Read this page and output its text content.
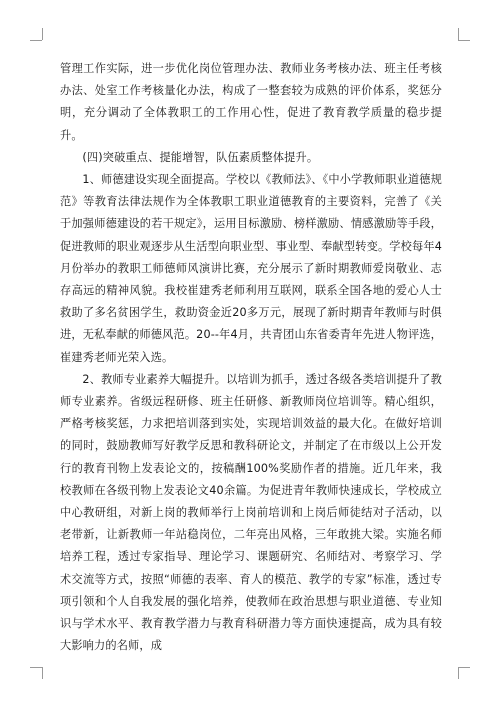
管理工作实际，进一步优化岗位管理办法、教师业务考核办法、班主任考核办法、处室工作考核量化办法，构成了一整套较为成熟的评价体系，奖惩分明，充分调动了全体教职工的工作用心性，促进了教育教学质量的稳步提升。

(四)突破重点、提能增智，队伍素质整体提升。

1、师德建设实现全面提高。学校以《教师法》、《中小学教师职业道德规范》等教育法律法规作为全体教职工职业道德教育的主要资料，完善了《关于加强师德建设的若干规定》，运用目标激励、榜样激励、情感激励等手段，促进教师的职业观逐步从生活型向职业型、事业型、奉献型转变。学校每年4月份举办的教职工师德师风演讲比赛，充分展示了新时期教师爱岗敬业、志存高远的精神风貌。我校崔建秀老师利用互联网，联系全国各地的爱心人士救助了多名贫困学生，救助资金近20多万元，展现了新时期青年教师与时俱进，无私奉献的师德风范。20--年4月，共青团山东省委青年先进人物评选，崔建秀老师光荣入选。

2、教师专业素养大幅提升。以培训为抓手，透过各级各类培训提升了教师专业素养。省级远程研修、班主任研修、新教师岗位培训等。精心组织，严格考核奖惩，力求把培训落到实处，实现培训效益的最大化。在做好培训的同时，鼓励教师写好教学反思和教科研论文，并制定了在市级以上公开发行的教育刊物上发表论文的，按稿酬100%奖励作者的措施。近几年来，我校教师在各级刊物上发表论文40余篇。为促进青年教师快速成长，学校成立中心教研组，对新上岗的教师举行上岗前培训和上岗后师徒结对子活动，以老带新，让新教师一年站稳岗位，二年亮出风格，三年敢挑大梁。实施名师培养工程，透过专家指导、理论学习、课题研究、名师结对、考察学习、学术交流等方式，按照“师德的表率、育人的模范、教学的专家”标准，透过专项引领和个人自我发展的强化培养，使教师在政治思想与职业道德、专业知识与学术水平、教育教学潜力与教育科研潜力等方面快速提高，成为具有较大影响力的名师，成
